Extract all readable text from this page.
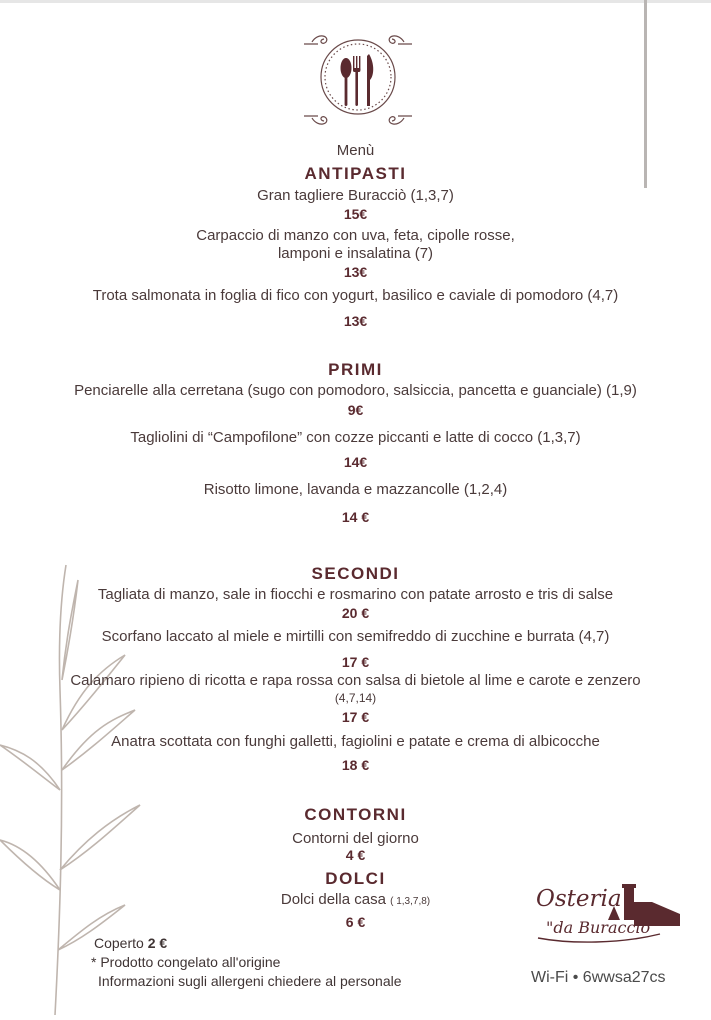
Menù
ANTIPASTI
Gran tagliere Buracciò (1,3,7)
15€
Carpaccio di manzo con uva, feta, cipolle rosse,
lamponi e insalatina (7)
13€
Trota salmonata in foglia di fico con yogurt, basilico e caviale di pomodoro (4,7)
13€
PRIMI
Penciarelle alla cerretana (sugo con pomodoro, salsiccia, pancetta e guanciale) (1,9)
9€
Tagliolini di “Campofilone” con cozze piccanti e latte di cocco (1,3,7)
14€
Risotto limone, lavanda e mazzancolle (1,2,4)
14 €
SECONDI
Tagliata di manzo, sale in fiocchi e rosmarino con patate arrosto e tris di salse
20 €
Scorfano laccato al miele e mirtilli con semifreddo di zucchine e burrata (4,7)
17 €
Calamaro ripieno di ricotta e rapa rossa con salsa di bietole al lime e carote e zenzero
(4,7,14)
17 €
Anatra scottata con funghi galletti, fagiolini e patate e crema di albicocche
18 €
CONTORNI
Contorni del giorno
4 €
DOLCI
Dolci della casa ( 1,3,7,8)
6 €
Coperto 2 €
* Prodotto congelato all'origine
Informazioni sugli allergeni chiedere al personale
Osteria
"da Buracciò"
Wi-Fi • 6wwsa27cs
